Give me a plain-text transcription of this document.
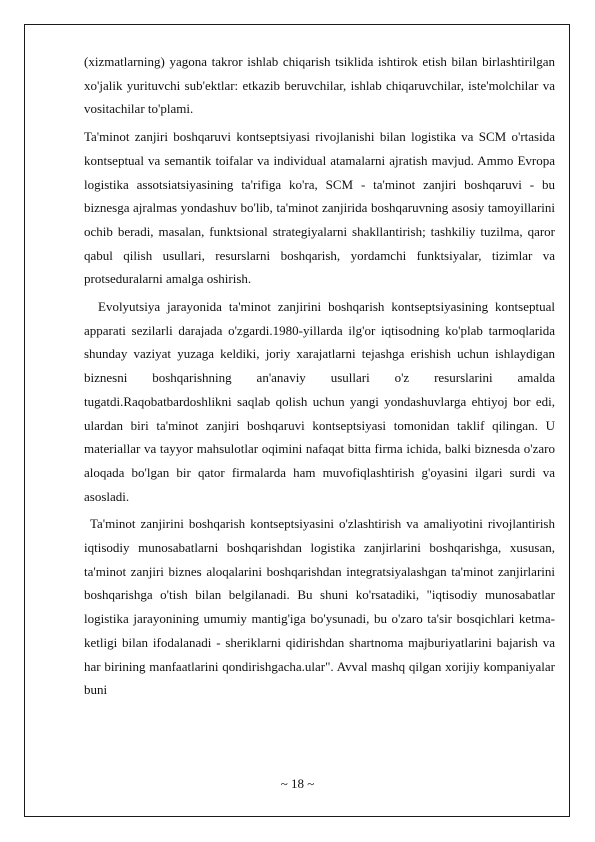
(xizmatlarning) yagona takror ishlab chiqarish tsiklida ishtirok etish bilan birlashtirilgan xo'jalik yurituvchi sub'ektlar: etkazib beruvchilar, ishlab chiqaruvchilar, iste'molchilar va vositachilar to'plami.

Ta'minot zanjiri boshqaruvi kontseptsiyasi rivojlanishi bilan logistika va SCM o'rtasida kontseptual va semantik toifalar va individual atamalarni ajratish mavjud. Ammo Evropa logistika assotsiatsiyasining ta'rifiga ko'ra, SCM - ta'minot zanjiri boshqaruvi - bu biznesga ajralmas yondashuv bo'lib, ta'minot zanjirida boshqaruvning asosiy tamoyillarini ochib beradi, masalan, funktsional strategiyalarni shakllantirish; tashkiliy tuzilma, qaror qabul qilish usullari, resurslarni boshqarish, yordamchi funktsiyalar, tizimlar va protseduralarni amalga oshirish.

Evolyutsiya jarayonida ta'minot zanjirini boshqarish kontseptsiyasining kontseptual apparati sezilarli darajada o'zgardi.1980-yillarda ilg'or iqtisodning ko'plab tarmoqlarida shunday vaziyat yuzaga keldiki, joriy xarajatlarni tejashga erishish uchun ishlaydigan biznesni boshqarishning an'anaviy usullari o'z resurslarini amalda tugatdi.Raqobatbardoshlikni saqlab qolish uchun yangi yondashuvlarga ehtiyoj bor edi, ulardan biri ta'minot zanjiri boshqaruvi kontseptsiyasi tomonidan taklif qilingan. U materiallar va tayyor mahsulotlar oqimini nafaqat bitta firma ichida, balki biznesda o'zaro aloqada bo'lgan bir qator firmalarda ham muvofiqlashtirish g'oyasini ilgari surdi va asosladi.

Ta'minot zanjirini boshqarish kontseptsiyasini o'zlashtirish va amaliyotini rivojlantirish iqtisodiy munosabatlarni boshqarishdan logistika zanjirlarini boshqarishga, xususan, ta'minot zanjiri biznes aloqalarini boshqarishdan integratsiyalashgan ta'minot zanjirlarini boshqarishga o'tish bilan belgilanadi. Bu shuni ko'rsatadiki, "iqtisodiy munosabatlar logistika jarayonining umumiy mantig'iga bo'ysunadi, bu o'zaro ta'sir bosqichlari ketma-ketligi bilan ifodalanadi - sheriklarni qidirishdan shartnoma majburiyatlarini bajarish va har birining manfaatlarini qondirishgacha.ular". Avval mashq qilgan xorijiy kompaniyalar buni

~ 18 ~
